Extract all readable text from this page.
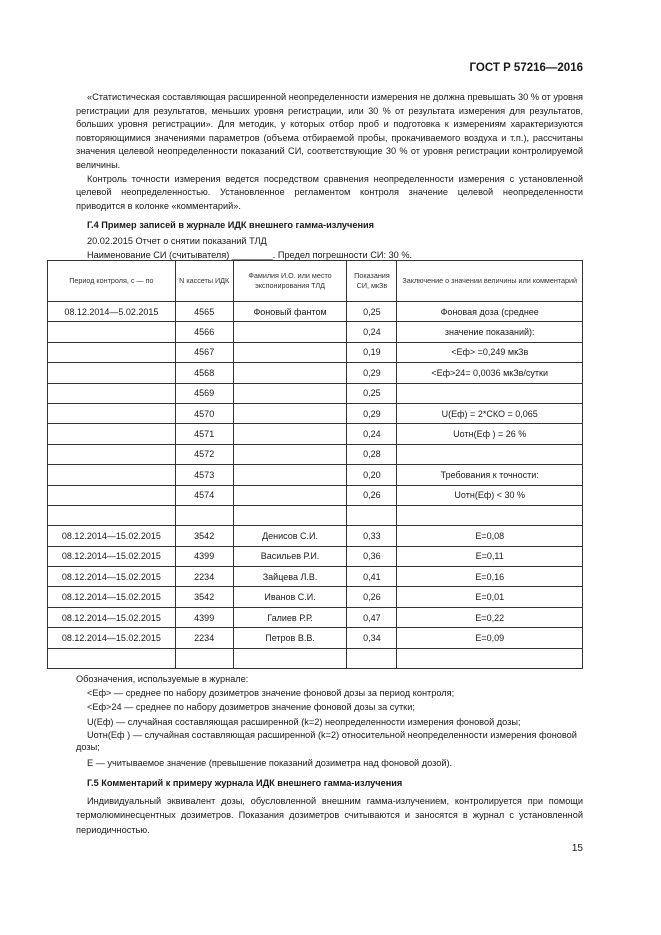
ГОСТ Р 57216—2016

«Статистическая составляющая расширенной неопределенности измерения не должна превышать 30 % от уровня регистрации для результатов, меньших уровня регистрации, или 30 % от результата измерения для результатов, больших уровня регистрации». Для методик, у которых отбор проб и подготовка к измерениям характеризуются повторяющимися значениями параметров (объема отбираемой пробы, прокачиваемого воздуха и т.п.), рассчитаны значения целевой неопределенности показаний СИ, соответствующие 30 % от уровня регистрации контролируемой величины.

Контроль точности измерения ведется посредством сравнения неопределенности измерения с установленной целевой неопределенностью. Установленное регламентом контроля значение целевой неопределенности приводится в колонке «комментарий».

Г.4 Пример записей в журнале ИДК внешнего гамма-излучения

20.02.2015 Отчет о снятии показаний ТЛД

Наименование СИ (считывателя) ________. Предел погрешности СИ: 30 %.

Период контроля, с — по	N кассеты ИДК	Фамилия И.О. или место экспонирования ТЛД	Показания СИ, мкЗв	Заключение о значении величины или комментарий
08.12.2014—5.02.2015	4565	Фоновый фантом	0,25	Фоновая доза (среднее
	4566		0,24	значение показаний):
	4567		0,19	<Eф> =0,249 мкЗв
	4568		0,29	<Eф>24= 0,0036 мкЗв/сутки
	4569		0,25	
	4570		0,29	U(Eф) = 2*СКО = 0,065
	4571		0,24	Uотн(Eф ) = 26 %
	4572		0,28	
	4573		0,20	Требования к точности:
	4574		0,26	Uотн(Eф) < 30 %

08.12.2014—15.02.2015	3542	Денисов С.И.	0,33	E=0,08
08.12.2014—15.02.2015	4399	Васильев Р.И.	0,36	E=0,11
08.12.2014—15.02.2015	2234	Зайцева Л.В.	0,41	E=0,16
08.12.2014—15.02.2015	3542	Иванов С.И.	0,26	E=0,01
08.12.2014—15.02.2015	4399	Галиев Р.Р.	0,47	E=0,22
08.12.2014—15.02.2015	2234	Петров В.В.	0,34	E=0,09

Обозначения, используемые в журнале:

<Eф> — среднее по набору дозиметров значение фоновой дозы за период контроля;

<Eф>24 — среднее по набору дозиметров значение фоновой дозы за сутки;

U(Eф) — случайная составляющая расширенной (k=2) неопределенности измерения фоновой дозы;

Uотн(Eф ) — случайная составляющая расширенной (k=2) относительной неопределенности измерения фоновой дозы;

E — учитываемое значение (превышение показаний дозиметра над фоновой дозой).

Г.5 Комментарий к примеру журнала ИДК внешнего гамма-излучения

Индивидуальный эквивалент дозы, обусловленной внешним гамма-излучением, контролируется при помощи термолюминесцентных дозиметров. Показания дозиметров считываются и заносятся в журнал с установленной периодичностью.

15
